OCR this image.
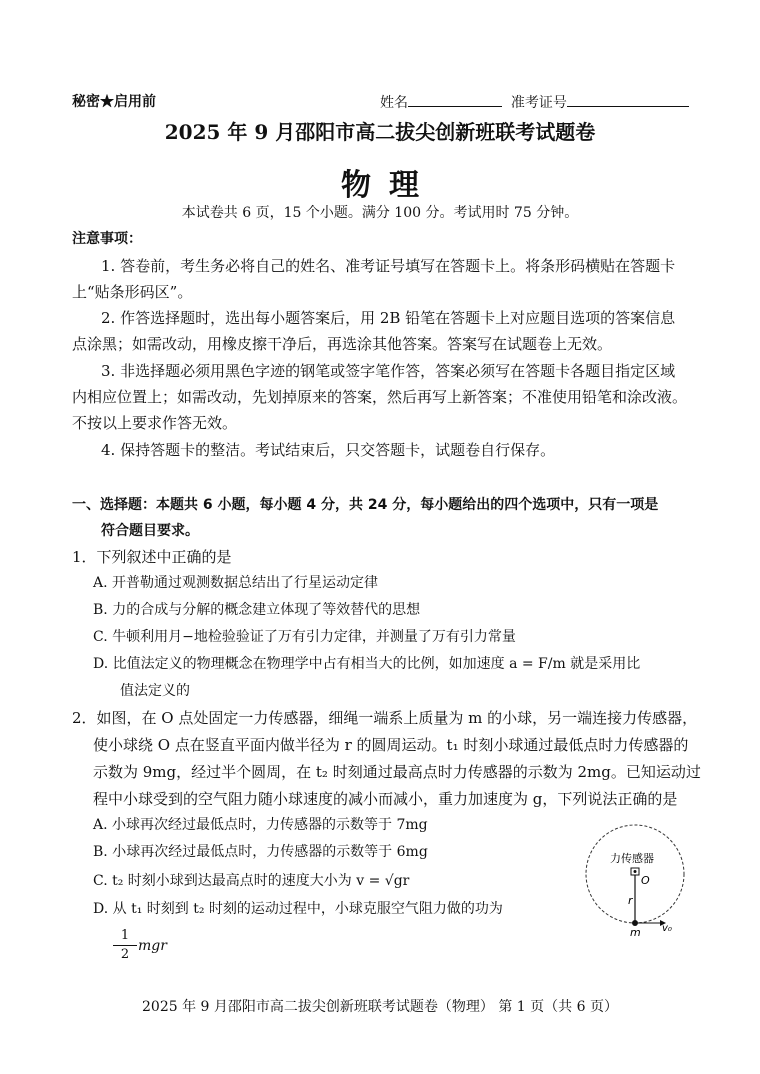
秘密★启用前	姓名	准考证号
2025 年 9 月邵阳市高二拔尖创新班联考试题卷
物理
本试卷共 6 页，15 个小题。满分 100 分。考试用时 75 分钟。
注意事项：
1. 答卷前，考生务必将自己的姓名、准考证号填写在答题卡上。将条形码横贴在答题卡
上“贴条形码区”。
2. 作答选择题时，选出每小题答案后，用 2B 铅笔在答题卡上对应题目选项的答案信息
点涂黑；如需改动，用橡皮擦干净后，再选涂其他答案。答案写在试题卷上无效。
3. 非选择题必须用黑色字迹的钢笔或签字笔作答，答案必须写在答题卡各题目指定区域
内相应位置上；如需改动，先划掉原来的答案，然后再写上新答案；不准使用铅笔和涂改液。
不按以上要求作答无效。
4. 保持答题卡的整洁。考试结束后，只交答题卡，试题卷自行保存。
一、选择题：本题共 6 小题，每小题 4 分，共 24 分，每小题给出的四个选项中，只有一项是
符合题目要求。
1．下列叙述中正确的是
A. 开普勒通过观测数据总结出了行星运动定律
B. 力的合成与分解的概念建立体现了等效替代的思想
C. 牛顿利用月−地检验验证了万有引力定律，并测量了万有引力常量
D. 比值法定义的物理概念在物理学中占有相当大的比例，如加速度 a = F/m 就是采用比
值法定义的
2．如图，在 O 点处固定一力传感器，细绳一端系上质量为 m 的小球，另一端连接力传感器，
使小球绕 O 点在竖直平面内做半径为 r 的圆周运动。t₁ 时刻小球通过最低点时力传感器的
示数为 9mg，经过半个圆周，在 t₂ 时刻通过最高点时力传感器的示数为 2mg。已知运动过
程中小球受到的空气阻力随小球速度的减小而减小，重力加速度为 g，下列说法正确的是
A. 小球再次经过最低点时，力传感器的示数等于 7mg
B. 小球再次经过最低点时，力传感器的示数等于 6mg
C. t₂ 时刻小球到达最高点时的速度大小为 v = √gr
D. 从 t₁ 时刻到 t₂ 时刻的运动过程中，小球克服空气阻力做的功为
1
2
mgr
力传感器
O
r
m v₀
2025 年 9 月邵阳市高二拔尖创新班联考试题卷（物理） 第 1 页（共 6 页）
